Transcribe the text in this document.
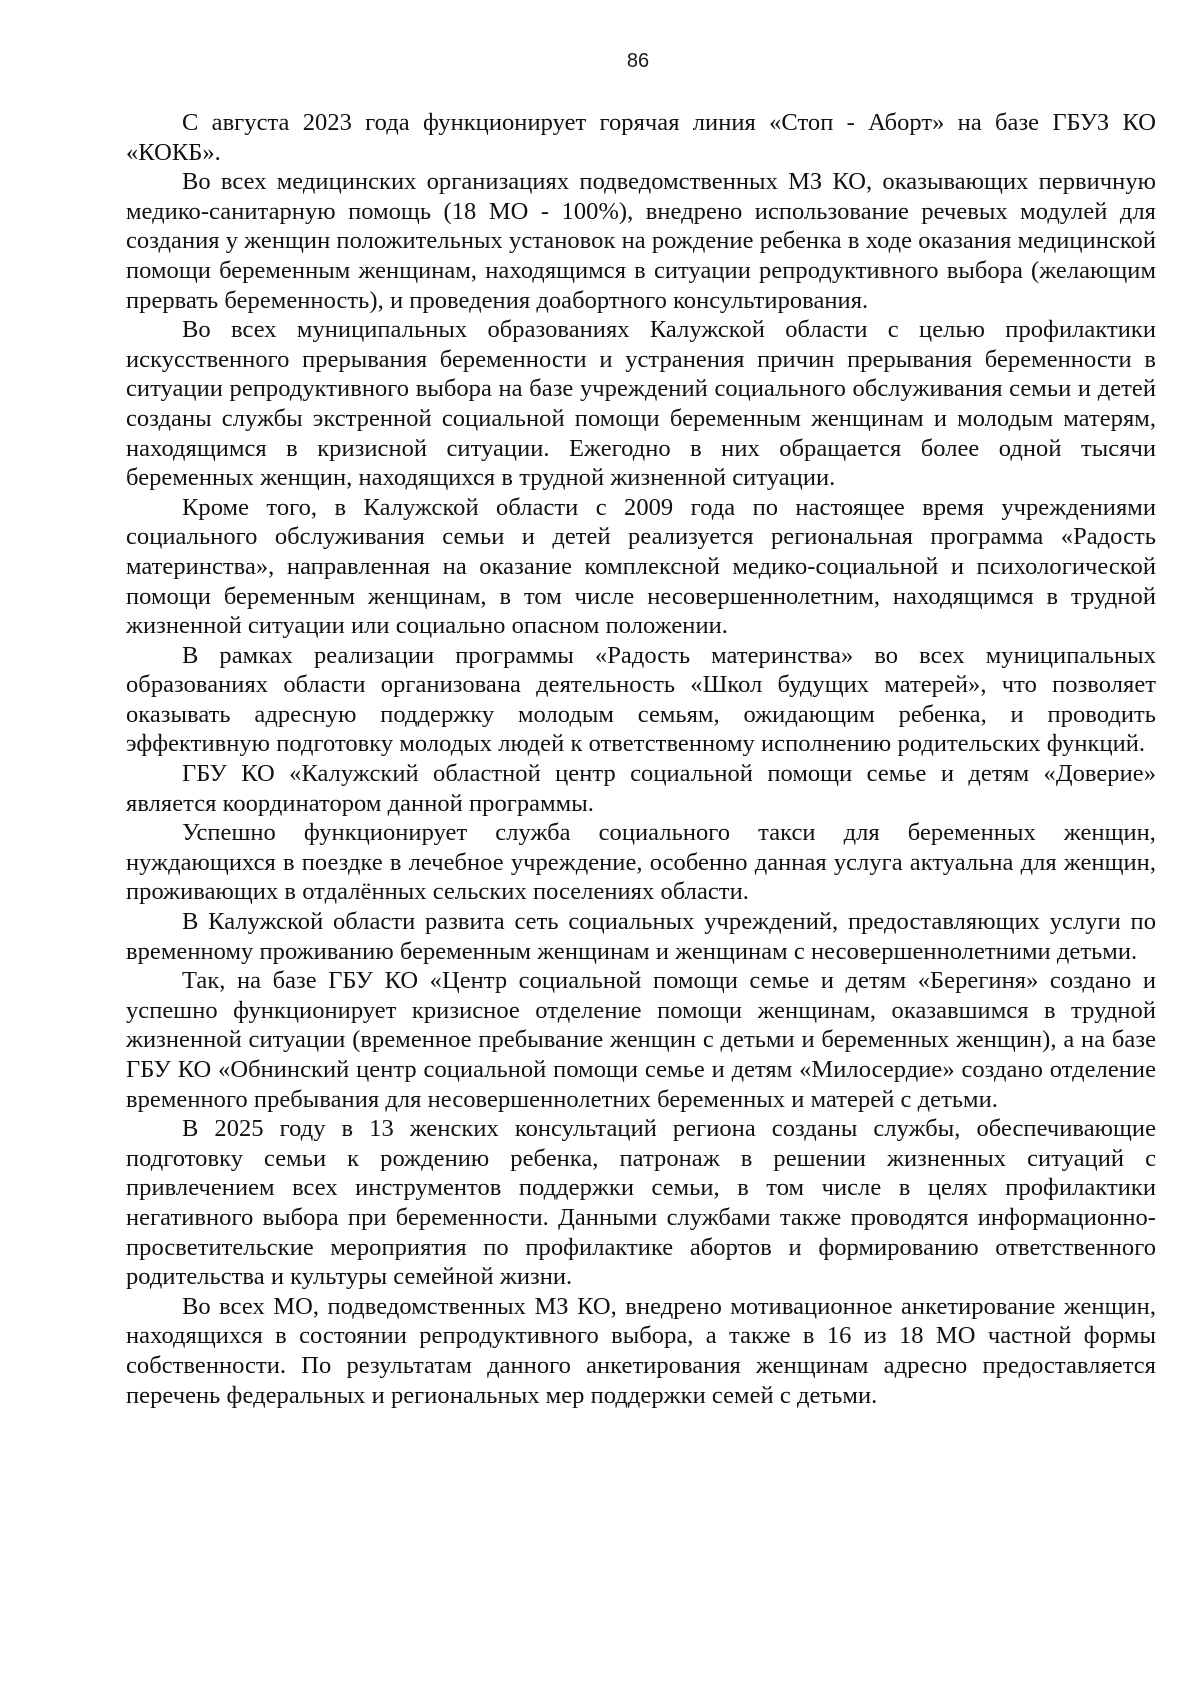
86

С августа 2023 года функционирует горячая линия «Стоп - Аборт» на базе ГБУЗ КО «КОКБ».

Во всех медицинских организациях подведомственных МЗ КО, оказывающих первичную медико-санитарную помощь (18 МО - 100%), внедрено использование речевых модулей для создания у женщин положительных установок на рождение ребенка в ходе оказания медицинской помощи беременным женщинам, находящимся в ситуации репродуктивного выбора (желающим прервать беременность), и проведения доабортного консультирования.

Во всех муниципальных образованиях Калужской области с целью профилактики искусственного прерывания беременности и устранения причин прерывания беременности в ситуации репродуктивного выбора на базе учреждений социального обслуживания семьи и детей созданы службы экстренной социальной помощи беременным женщинам и молодым матерям, находящимся в кризисной ситуации. Ежегодно в них обращается более одной тысячи беременных женщин, находящихся в трудной жизненной ситуации.

Кроме того, в Калужской области с 2009 года по настоящее время учреждениями социального обслуживания семьи и детей реализуется региональная программа «Радость материнства», направленная на оказание комплексной медико-социальной и психологической помощи беременным женщинам, в том числе несовершеннолетним, находящимся в трудной жизненной ситуации или социально опасном положении.

В рамках реализации программы «Радость материнства» во всех муниципальных образованиях области организована деятельность «Школ будущих матерей», что позволяет оказывать адресную поддержку молодым семьям, ожидающим ребенка, и проводить эффективную подготовку молодых людей к ответственному исполнению родительских функций.

ГБУ КО «Калужский областной центр социальной помощи семье и детям «Доверие» является координатором данной программы.

Успешно функционирует служба социального такси для беременных женщин, нуждающихся в поездке в лечебное учреждение, особенно данная услуга актуальна для женщин, проживающих в отдалённых сельских поселениях области.

В Калужской области развита сеть социальных учреждений, предоставляющих услуги по временному проживанию беременным женщинам и женщинам с несовершеннолетними детьми.

Так, на базе ГБУ КО «Центр социальной помощи семье и детям «Берегиня» создано и успешно функционирует кризисное отделение помощи женщинам, оказавшимся в трудной жизненной ситуации (временное пребывание женщин с детьми и беременных женщин), а на базе ГБУ КО «Обнинский центр социальной помощи семье и детям «Милосердие» создано отделение временного пребывания для несовершеннолетних беременных и матерей с детьми.

В 2025 году в 13 женских консультаций региона созданы службы, обеспечивающие подготовку семьи к рождению ребенка, патронаж в решении жизненных ситуаций с привлечением всех инструментов поддержки семьи, в том числе в целях профилактики негативного выбора при беременности. Данными службами также проводятся информационно-просветительские мероприятия по профилактике абортов и формированию ответственного родительства и культуры семейной жизни.

Во всех МО, подведомственных МЗ КО, внедрено мотивационное анкетирование женщин, находящихся в состоянии репродуктивного выбора, а также в 16 из 18 МО частной формы собственности. По результатам данного анкетирования женщинам адресно предоставляется перечень федеральных и региональных мер поддержки семей с детьми.
